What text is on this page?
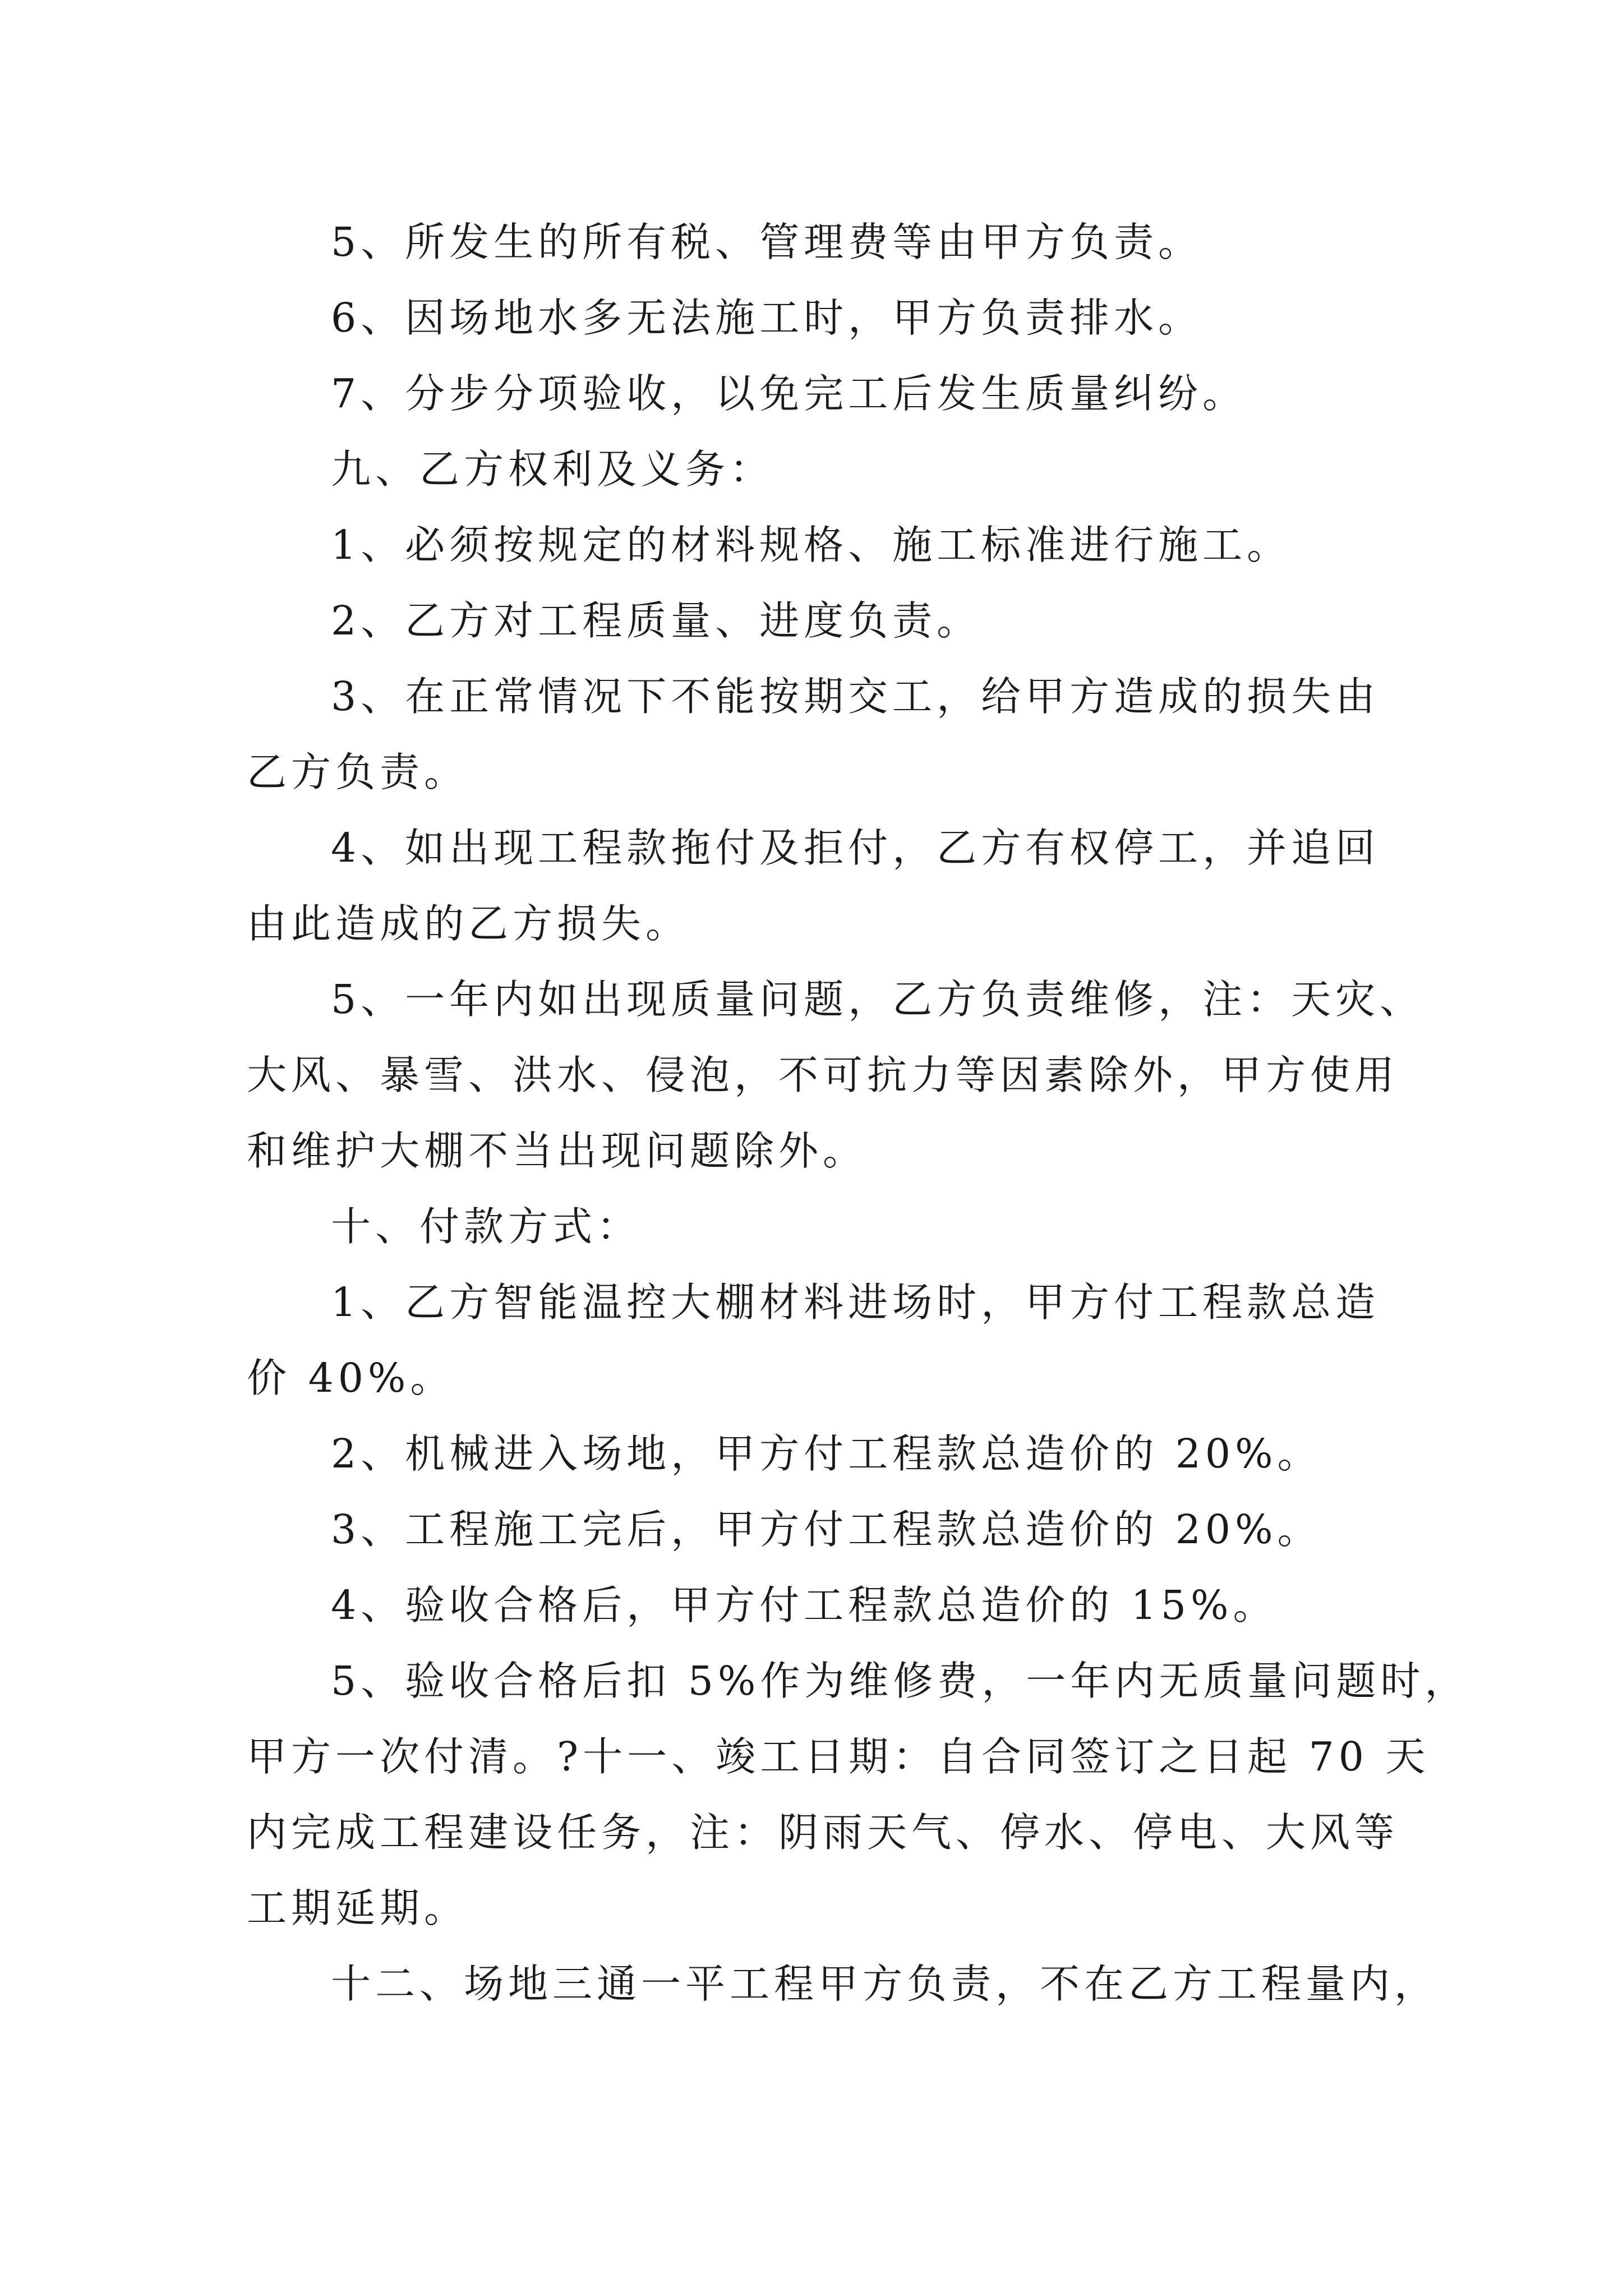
5、所发生的所有税、管理费等由甲方负责。
6、因场地水多无法施工时，甲方负责排水。
7、分步分项验收，以免完工后发生质量纠纷。
九、乙方权利及义务：
1、必须按规定的材料规格、施工标准进行施工。
2、乙方对工程质量、进度负责。
3、在正常情况下不能按期交工，给甲方造成的损失由
乙方负责。
4、如出现工程款拖付及拒付，乙方有权停工，并追回
由此造成的乙方损失。
5、一年内如出现质量问题，乙方负责维修，注：天灾、
大风、暴雪、洪水、侵泡，不可抗力等因素除外，甲方使用
和维护大棚不当出现问题除外。
十、付款方式：
1、乙方智能温控大棚材料进场时，甲方付工程款总造
价 40%。
2、机械进入场地，甲方付工程款总造价的 20%。
3、工程施工完后，甲方付工程款总造价的 20%。
4、验收合格后，甲方付工程款总造价的 15%。
5、验收合格后扣 5%作为维修费，一年内无质量问题时，
甲方一次付清。?十一、竣工日期：自合同签订之日起 70 天
内完成工程建设任务，注：阴雨天气、停水、停电、大风等
工期延期。
十二、场地三通一平工程甲方负责，不在乙方工程量内，
